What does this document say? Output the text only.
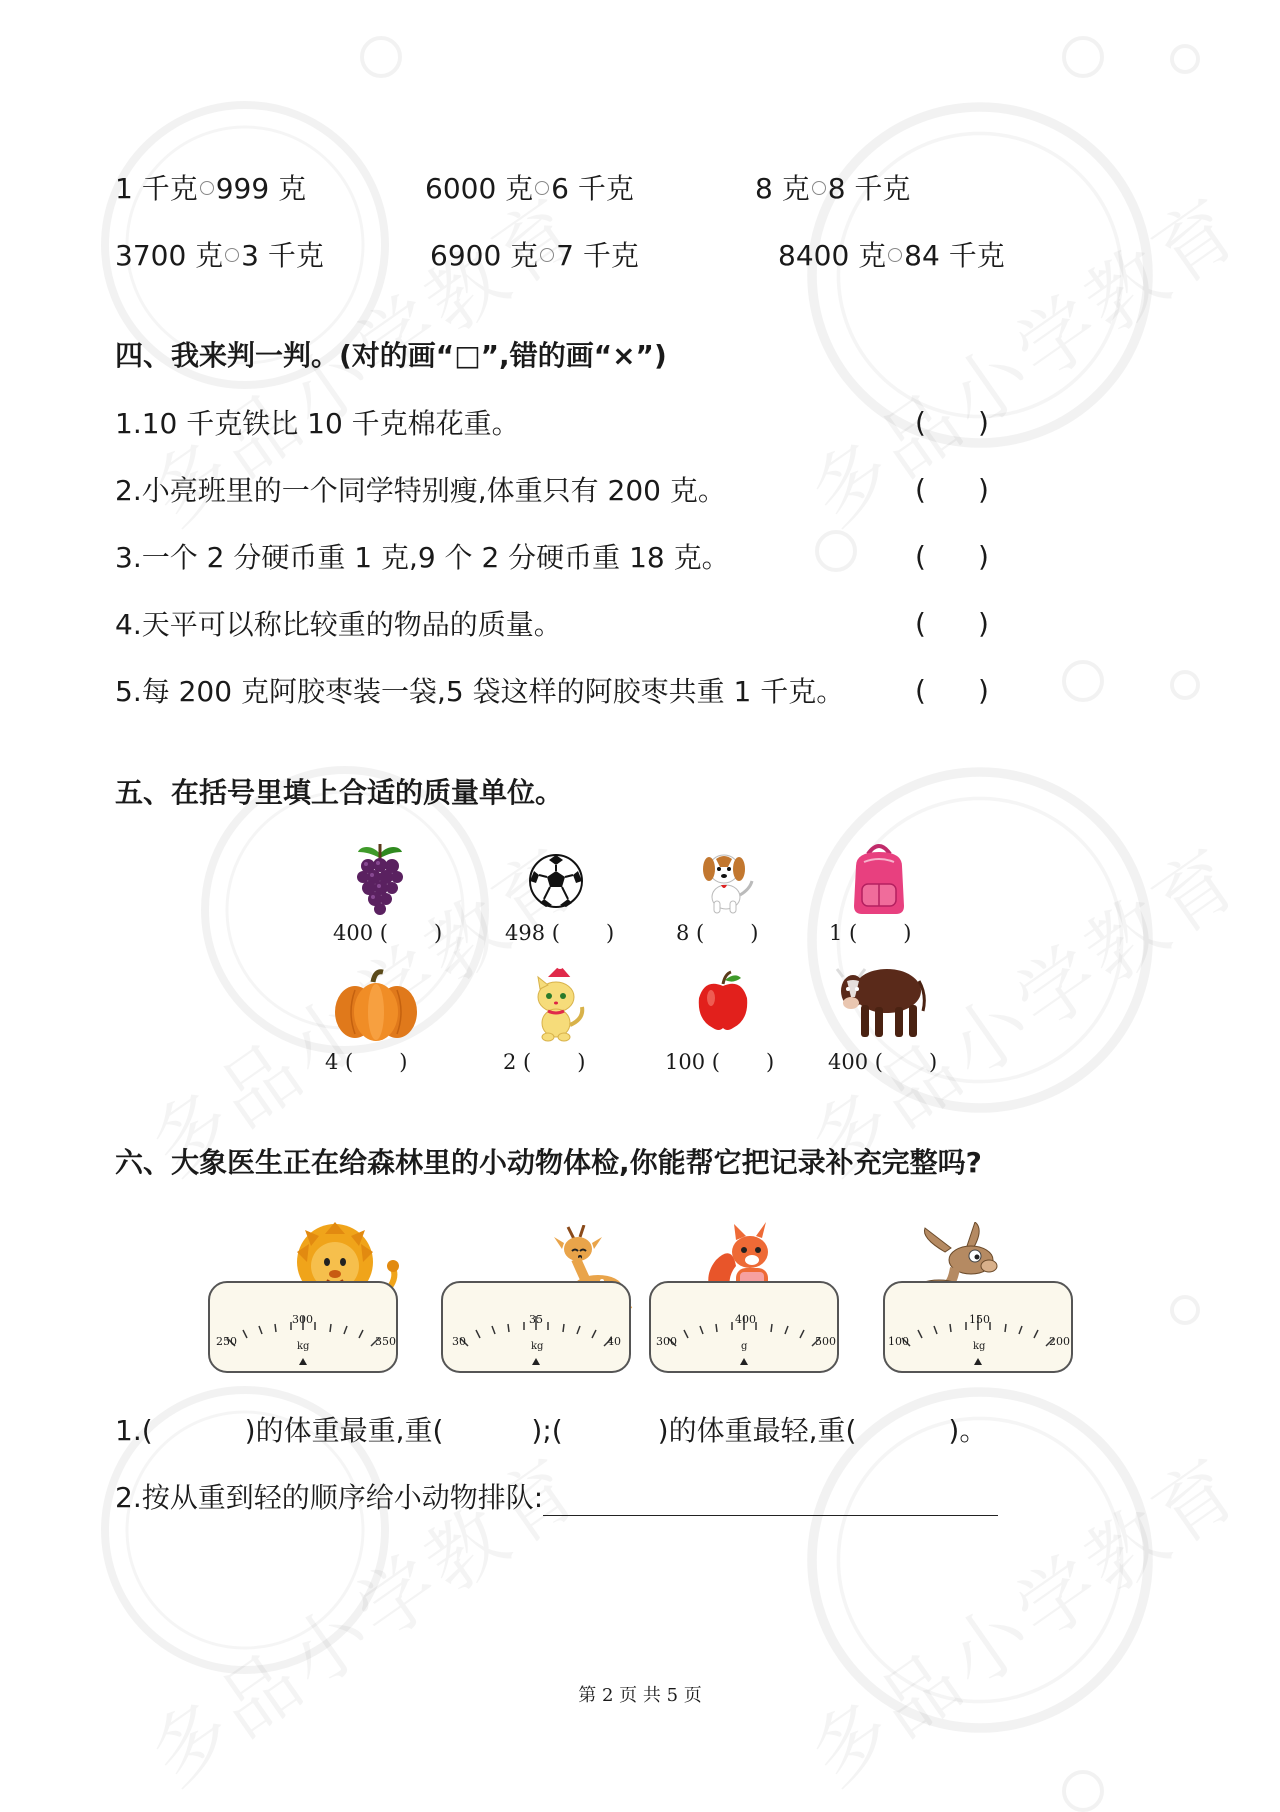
1 千克 999 克	6000 克 6 千克	8 克 8 千克
3700 克 3 千克	6900 克 7 千克	8400 克 84 千克
四、我来判一判。(对的画“□”,错的画“×”)
1.10 千克铁比 10 千克棉花重。	( )
2.小亮班里的一个同学特别瘦,体重只有 200 克。	( )
3.一个 2 分硬币重 1 克,9 个 2 分硬币重 18 克。	( )
4.天平可以称比较重的物品的质量。	( )
5.每 200 克阿胶枣装一袋,5 袋这样的阿胶枣共重 1 千克。	( )
五、在括号里填上合适的质量单位。
400 ( )	498 ( )	8 ( )	1 ( )
4 ( )	2 ( )	100 ( )	400 ( )
六、大象医生正在给森林里的小动物体检,你能帮它把记录补充完整吗?
250
300
350
kg	30
35
40
kg	300
400
500
g	100
150
200
kg
1.(	)的体重最重,重(	);(	)的体重最轻,重(	)。
2.按从重到轻的顺序给小动物排队:
第 2 页 共 5 页
